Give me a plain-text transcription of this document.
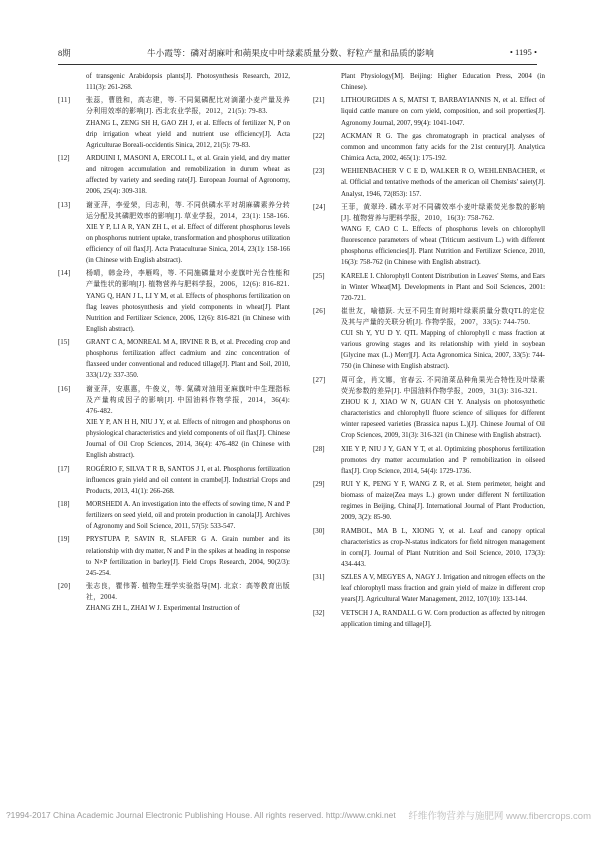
8期	牛小霞等：磷对胡麻叶和蒴果皮中叶绿素质量分数、籽粒产量和品质的影响	• 1195 •
of transgenic Arabidopsis plants[J]. Photosynthesis Research, 2012, 111(3): 261-268.
[11]	张蕊，曹胜和，高志建，等. 不同氮磷配比对滴灌小麦产量及养分利用效率的影响[J]. 西北农业学报，2012，21(5): 79-83.
ZHANG L, ZENG SH H, GAO ZH J, et al. Effects of fertilizer N, P on drip irrigation wheat yield and nutrient use efficiency[J]. Acta Agriculturae Boreali-occidentis Sinica, 2012, 21(5): 79-83.
[12]	ARDUINI I, MASONI A, ERCOLI L, et al. Grain yield, and dry matter and nitrogen accumulation and remobilization in durum wheat as affected by variety and seeding rate[J]. European Journal of Agronomy, 2006, 25(4): 309-318.
[13]	谢亚萍，李爱荣，闫志利，等. 不同供磷水平对胡麻磷素养分转运分配及其磷肥效率的影响[J]. 草业学报，2014，23(1): 158-166.
XIE Y P, LI A R, YAN ZH L, et al. Effect of different phosphorus levels on phosphorus nutrient uptake, transformation and phosphorus utilization efficiency of oil flax[J]. Acta Prataculturae Sinica, 2014, 23(1): 158-166 (in Chinese with English abstract).
[14]	杨晴，韩金玲，李雁鸣，等. 不同施磷量对小麦旗叶光合性能和产量性状的影响[J]. 植物营养与肥料学报，2006，12(6): 816-821.
YANG Q, HAN J L, LI Y M, et al. Effects of phosphorus fertilization on flag leaves photosynthesis and yield components in wheat[J]. Plant Nutrition and Fertilizer Science, 2006, 12(6): 816-821 (in Chinese with English abstract).
[15]	GRANT C A, MONREAL M A, IRVINE R B, et al. Preceding crop and phosphorus fertilization affect cadmium and zinc concentration of flaxseed under conventional and reduced tillage[J]. Plant and Soil, 2010, 333(1/2): 337-350.
[16]	谢亚萍，安惠惠，牛俊义，等. 氮磷对油用亚麻旗叶中生理指标及产量构成因子的影响[J]. 中国油料作物学报，2014，36(4): 476-482.
XIE Y P, AN H H, NIU J Y, et al. Effects of nitrogen and phosphorus on physiological characteristics and yield components of oil flax[J]. Chinese Journal of Oil Crop Sciences, 2014, 36(4): 476-482 (in Chinese with English abstract).
[17]	ROGÉRIO F, SILVA T R B, SANTOS J I, et al. Phosphorus fertilization influences grain yield and oil content in crambe[J]. Industrial Crops and Products, 2013, 41(1): 266-268.
[18]	MORSHEDI A. An investigation into the effects of sowing time, N and P fertilizers on seed yield, oil and protein production in canola[J]. Archives of Agronomy and Soil Science, 2011, 57(5): 533-547.
[19]	PRYSTUPA P, SAVIN R, SLAFER G A. Grain number and its relationship with dry matter, N and P in the spikes at heading in response to N×P fertilization in barley[J]. Field Crops Research, 2004, 90(2/3): 245-254.
[20]	张志良，瞿伟菁. 植物生理学实验指导[M]. 北京：高等教育出版社，2004.
ZHANG ZH L, ZHAI W J. Experimental Instruction of
Plant Physiology[M]. Beijing: Higher Education Press, 2004 (in Chinese).
[21]	LITHOURGIDIS A S, MATSI T, BARBAYIANNIS N, et al. Effect of liquid cattle manure on corn yield, composition, and soil properties[J]. Agronomy Journal, 2007, 99(4): 1041-1047.
[22]	ACKMAN R G. The gas chromatograph in practical analyses of common and uncommon fatty acids for the 21st century[J]. Analytica Chimica Acta, 2002, 465(1): 175-192.
[23]	WEHIENBACHER V C E D, WALKER R O, WEHLENBACHER, et al. Official and tentative methods of the american oil Chemists' saiety[J]. Analyst, 1946, 72(853): 157.
[24]	王菲，黄翠玲. 磷水平对不同磷效率小麦叶绿素荧光参数的影响[J]. 植物营养与肥料学报，2010，16(3): 758-762.
WANG F, CAO C L. Effects of phosphorus levels on chlorophyll fluorescence parameters of wheat (Triticum aestivum L.) with different phosphorus efficiencies[J]. Plant Nutrition and Fertilizer Science, 2010, 16(3): 758-762 (in Chinese with English abstract).
[25]	KARELE I. Chlorophyll Content Distribution in Leaves' Stems, and Ears in Winter Wheat[M]. Developments in Plant and Soil Sciences, 2001: 720-721.
[26]	崔世友，喻德跃. 大豆不同生育时期叶绿素质量分数QTL的定位及其与产量的关联分析[J]. 作物学报，2007，33(5): 744-750.
CUI Sh Y, YU D Y. QTL Mapping of chlorophyll c mass fraction at various growing stages and its relationship with yield in soybean [Glycine max (L.) Merr][J]. Acta Agronomica Sinica, 2007, 33(5): 744-750 (in Chinese with English abstract).
[27]	周可金，肖文娜，官春云. 不同油菜品种角果光合特性及叶绿素荧光参数的差异[J]. 中国油料作物学报，2009，31(3): 316-321.
ZHOU K J, XIAO W N, GUAN CH Y. Analysis on photosynthetic characteristics and chlorophyll fluore science of siliques for different winter rapeseed varieties (Brassica napus L.)[J]. Chinese Journal of Oil Crop Sciences, 2009, 31(3): 316-321 (in Chinese with English abstract).
[28]	XIE Y P, NIU J Y, GAN Y T, et al. Optimizing phosphorus fertilization promotes dry matter accumulation and P remobilization in oilseed flax[J]. Crop Science, 2014, 54(4): 1729-1736.
[29]	RUI Y K, PENG Y F, WANG Z R, et al. Stem perimeter, height and biomass of maize(Zea mays L.) grown under different N fertilization regimes in Beijing, China[J]. International Journal of Plant Production, 2009, 3(2): 85-90.
[30]	RAMBOL, MA B L, XIONG Y, et al. Leaf and canopy optical characteristics as crop-N-status indicators for field nitrogen management in corn[J]. Journal of Plant Nutrition and Soil Science, 2010, 173(3): 434-443.
[31]	SZLES A V, MEGYES A, NAGY J. Irrigation and nitrogen effects on the leaf chlorophyll mass fraction and grain yield of maize in different crop years[J]. Agricultural Water Management, 2012, 107(10): 133-144.
[32]	VETSCH J A, RANDALL G W. Corn production as affected by nitrogen application timing and tillage[J].
?1994-2017 China Academic Journal Electronic Publishing House. All rights reserved. http://www.cnki.net 纤维作物营养与施肥网 www.fibercrops.com
